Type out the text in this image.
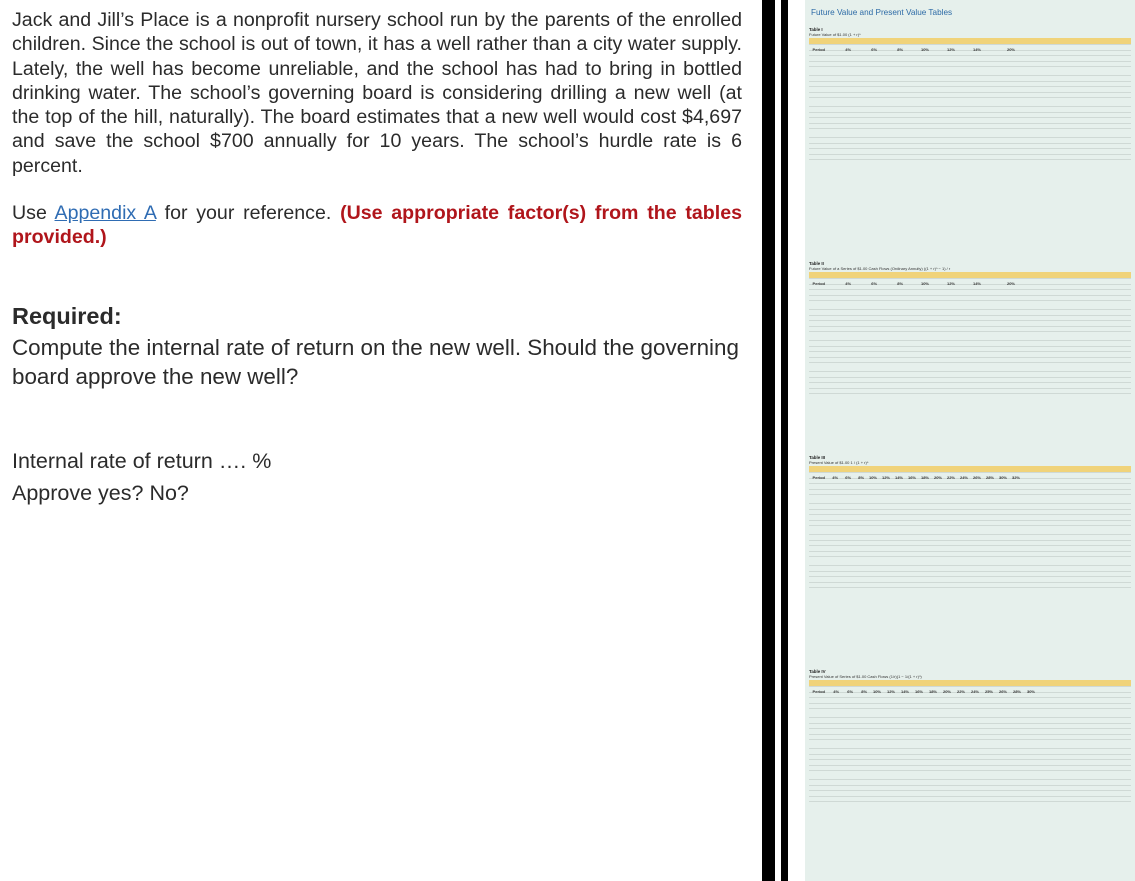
Jack and Jill’s Place is a nonprofit nursery school run by the parents of the enrolled children. Since the school is out of town, it has a well rather than a city water supply. Lately, the well has become unreliable, and the school has had to bring in bottled drinking water. The school’s governing board is considering drilling a new well (at the top of the hill, naturally). The board estimates that a new well would cost $4,697 and save the school $700 annually for 10 years. The school’s hurdle rate is 6 percent.

Use Appendix A for your reference. (Use appropriate factor(s) from the tables provided.)

Required:
Compute the internal rate of return on the new well. Should the governing board approve the new well?
Internal rate of return …. %
Approve yes? No?
Future Value and Present Value Tables
Table I
Future Value of $1.00 (1 + r)ⁿ
Period	4%	6%	8%	10%	12%	14%	20%
Table II
Future Value of a Series of $1.00 Cash Flows (Ordinary Annuity) ((1 + r)ⁿ − 1) / r
Period	4%	6%	8%	10%	12%	14%	20%
Table III
Present Value of $1.00 1 / (1 + r)ⁿ
Period 4% 6% 8% 10% 12% 14% 16% 18% 20% 22% 24% 26% 28% 30% 32%
Table IV
Present Value of Series of $1.00 Cash Flows (1/r)(1 − 1/(1 + r)ⁿ)
Period 4% 6% 8% 10% 12% 14% 16% 18% 20% 22% 24% 25% 26% 28% 30%
